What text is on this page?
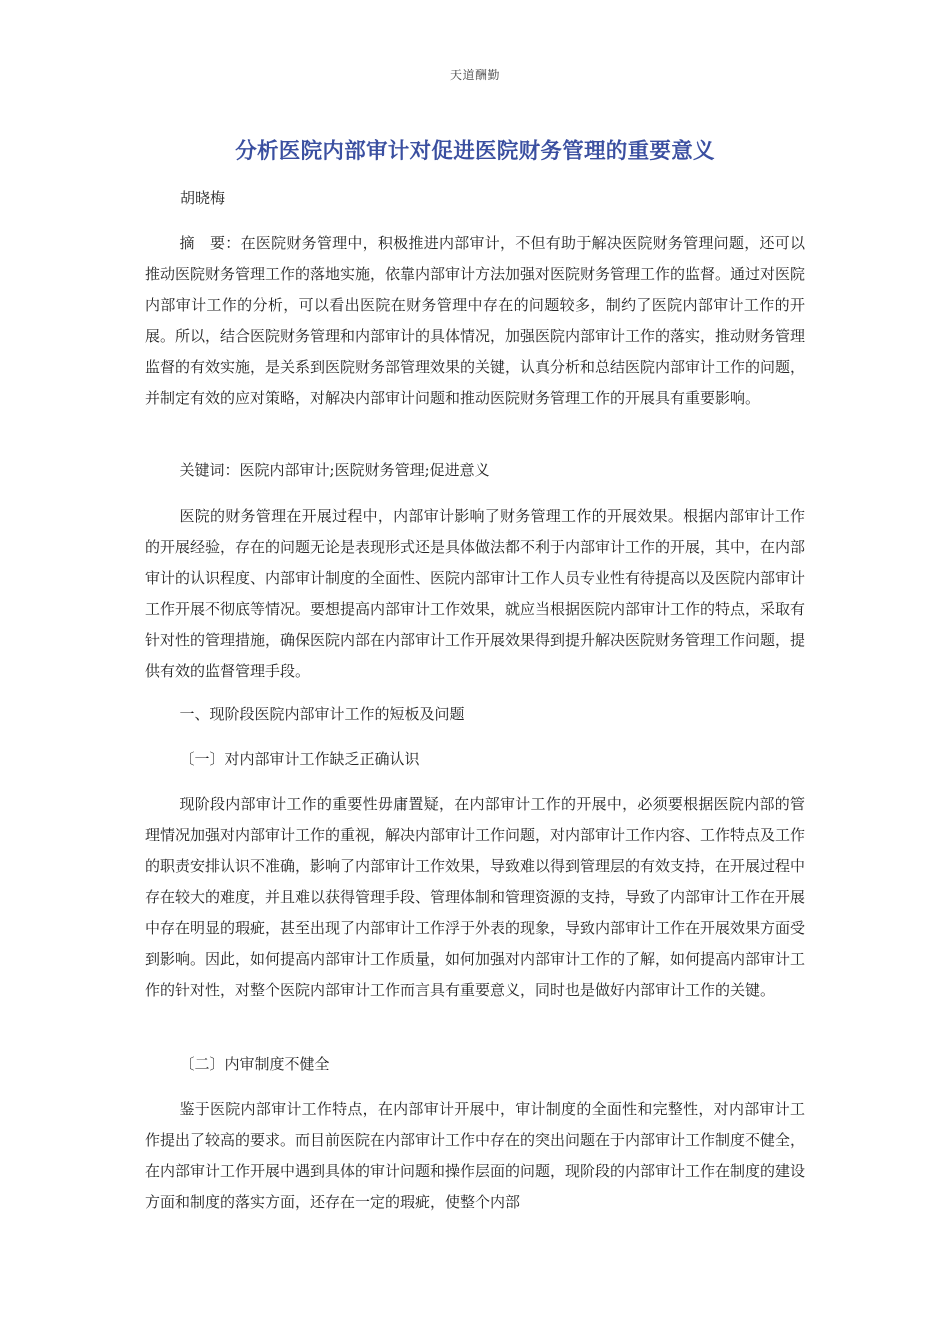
天道酬勤
分析医院内部审计对促进医院财务管理的重要意义
胡晓梅

摘　要：在医院财务管理中，积极推进内部审计，不但有助于解决医院财务管理问题，还可以推动医院财务管理工作的落地实施，依靠内部审计方法加强对医院财务管理工作的监督。通过对医院内部审计工作的分析，可以看出医院在财务管理中存在的问题较多，制约了医院内部审计工作的开展。所以，结合医院财务管理和内部审计的具体情况，加强医院内部审计工作的落实，推动财务管理监督的有效实施，是关系到医院财务部管理效果的关键，认真分析和总结医院内部审计工作的问题，并制定有效的应对策略，对解决内部审计问题和推动医院财务管理工作的开展具有重要影响。

关键词：医院内部审计;医院财务管理;促进意义

医院的财务管理在开展过程中，内部审计影响了财务管理工作的开展效果。根据内部审计工作的开展经验，存在的问题无论是表现形式还是具体做法都不利于内部审计工作的开展，其中，在内部审计的认识程度、内部审计制度的全面性、医院内部审计工作人员专业性有待提高以及医院内部审计工作开展不彻底等情况。要想提高内部审计工作效果，就应当根据医院内部审计工作的特点，采取有针对性的管理措施，确保医院内部在内部审计工作开展效果得到提升解决医院财务管理工作问题，提供有效的监督管理手段。

一、现阶段医院内部审计工作的短板及问题

〔一〕对内部审计工作缺乏正确认识

现阶段内部审计工作的重要性毋庸置疑，在内部审计工作的开展中，必须要根据医院内部的管理情况加强对内部审计工作的重视，解决内部审计工作问题，对内部审计工作内容、工作特点及工作的职责安排认识不准确，影响了内部审计工作效果，导致难以得到管理层的有效支持，在开展过程中存在较大的难度，并且难以获得管理手段、管理体制和管理资源的支持，导致了内部审计工作在开展中存在明显的瑕疵，甚至出现了内部审计工作浮于外表的现象，导致内部审计工作在开展效果方面受到影响。因此，如何提高内部审计工作质量，如何加强对内部审计工作的了解，如何提高内部审计工作的针对性，对整个医院内部审计工作而言具有重要意义，同时也是做好内部审计工作的关键。

〔二〕内审制度不健全

鉴于医院内部审计工作特点，在内部审计开展中，审计制度的全面性和完整性，对内部审计工作提出了较高的要求。而目前医院在内部审计工作中存在的突出问题在于内部审计工作制度不健全，在内部审计工作开展中遇到具体的审计问题和操作层面的问题，现阶段的内部审计工作在制度的建设方面和制度的落实方面，还存在一定的瑕疵，使整个内部
